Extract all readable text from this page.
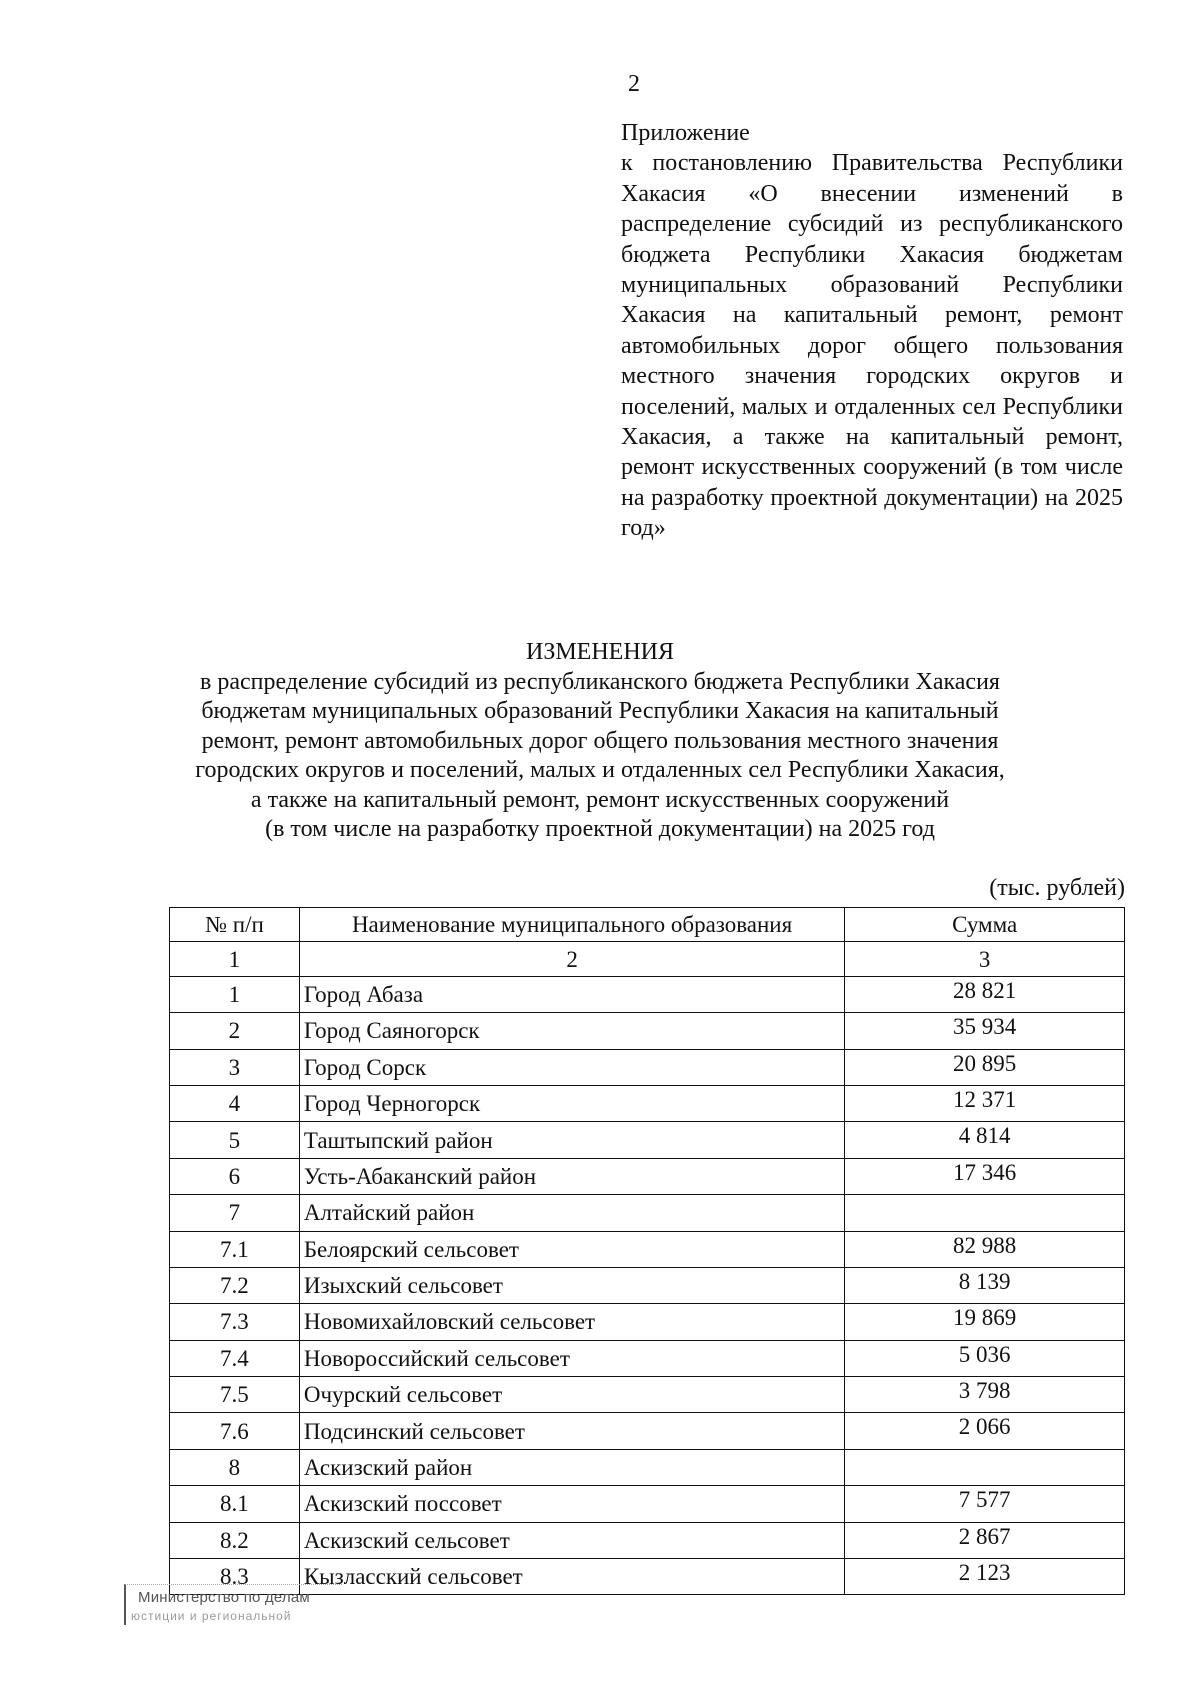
2
Приложение
к постановлению Правительства Республики Хакасия «О внесении изменений в распределение субсидий из республиканского бюджета Республики Хакасия бюджетам муниципальных образований Республики Хакасия на капитальный ремонт, ремонт автомобильных дорог общего пользования местного значения городских округов и поселений, малых и отдаленных сел Республики Хакасия, а также на капитальный ремонт, ремонт искусственных сооружений (в том числе на разработку проектной документации) на 2025 год»
ИЗМЕНЕНИЯ
в распределение субсидий из республиканского бюджета Республики Хакасия
бюджетам муниципальных образований Республики Хакасия на капитальный
ремонт, ремонт автомобильных дорог общего пользования местного значения
городских округов и поселений, малых и отдаленных сел Республики Хакасия,
а также на капитальный ремонт, ремонт искусственных сооружений
(в том числе на разработку проектной документации) на 2025 год
(тыс. рублей)
№ п/п	Наименование муниципального образования	Сумма
1	2	3
1	Город Абаза	28 821
2	Город Саяногорск	35 934
3	Город Сорск	20 895
4	Город Черногорск	12 371
5	Таштыпский район	4 814
6	Усть-Абаканский район	17 346
7	Алтайский район	
7.1	Белоярский сельсовет	82 988
7.2	Изыхский сельсовет	8 139
7.3	Новомихайловский сельсовет	19 869
7.4	Новороссийский сельсовет	5 036
7.5	Очурский сельсовет	3 798
7.6	Подсинский сельсовет	2 066
8	Аскизский район	
8.1	Аскизский поссовет	7 577
8.2	Аскизский сельсовет	2 867
8.3	Кызласский сельсовет	2 123
Министерство по делам
юстиции и региональной
